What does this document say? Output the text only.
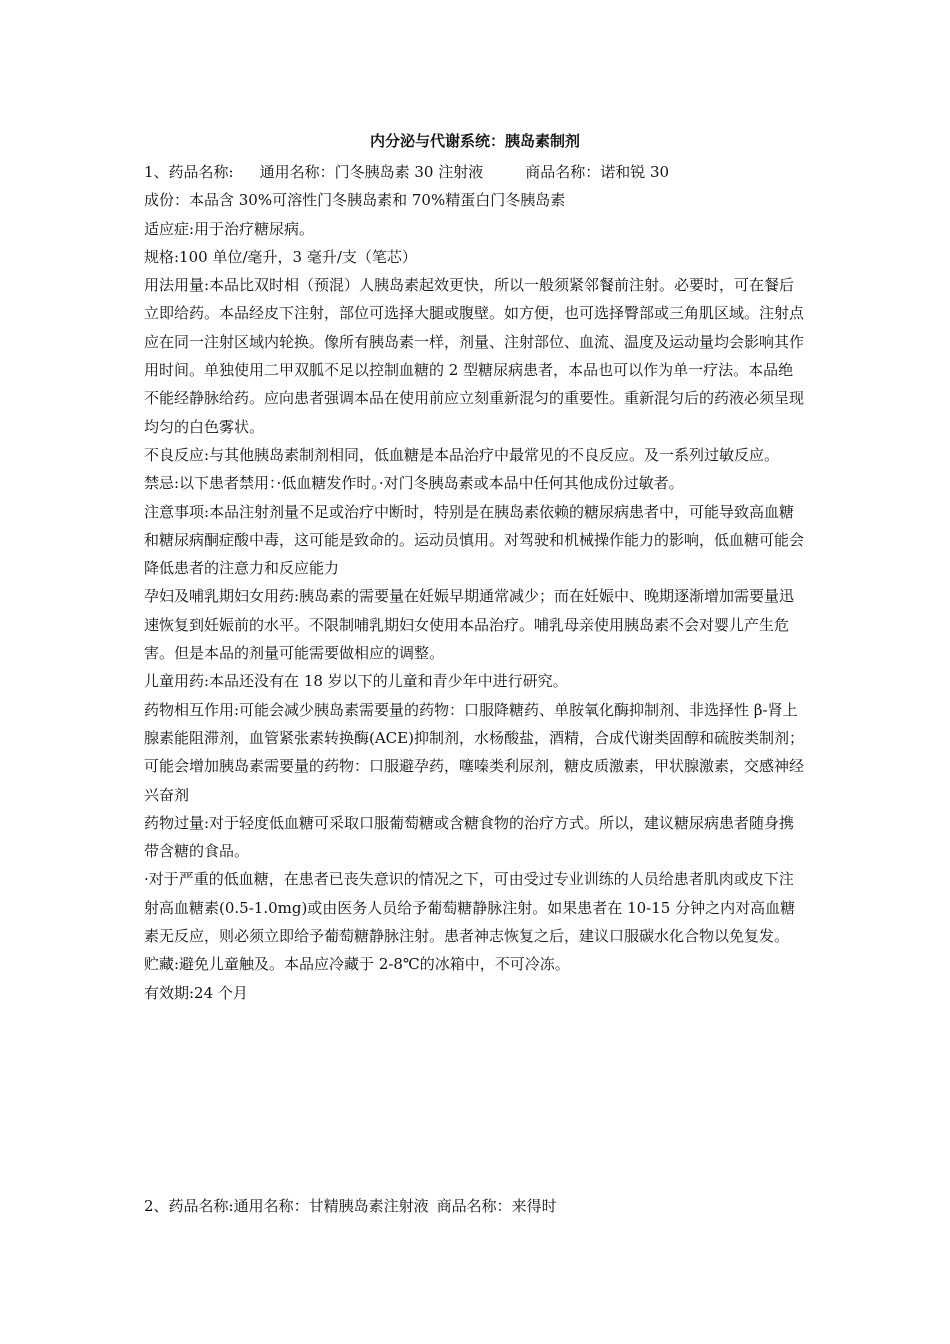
内分泌与代谢系统：胰岛素制剂

1、药品名称: 通用名称：门冬胰岛素 30 注射液	商品名称：诺和锐 30

成份：本品含 30%可溶性门冬胰岛素和 70%精蛋白门冬胰岛素

适应症:用于治疗糖尿病。

规格:100 单位/毫升，3 毫升/支（笔芯）

用法用量:本品比双时相（预混）人胰岛素起效更快，所以一般须紧邻餐前注射。必要时，可在餐后立即给药。本品经皮下注射，部位可选择大腿或腹壁。如方便，也可选择臀部或三角肌区域。注射点应在同一注射区域内轮换。像所有胰岛素一样，剂量、注射部位、血流、温度及运动量均会影响其作用时间。单独使用二甲双胍不足以控制血糖的 2 型糖尿病患者，本品也可以作为单一疗法。本品绝不能经静脉给药。应向患者强调本品在使用前应立刻重新混匀的重要性。重新混匀后的药液必须呈现均匀的白色雾状。

不良反应:与其他胰岛素制剂相同，低血糖是本品治疗中最常见的不良反应。及一系列过敏反应。

禁忌:以下患者禁用：·低血糖发作时。·对门冬胰岛素或本品中任何其他成份过敏者。

注意事项:本品注射剂量不足或治疗中断时，特别是在胰岛素依赖的糖尿病患者中，可能导致高血糖和糖尿病酮症酸中毒，这可能是致命的。运动员慎用。对驾驶和机械操作能力的影响，低血糖可能会降低患者的注意力和反应能力

孕妇及哺乳期妇女用药:胰岛素的需要量在妊娠早期通常减少；而在妊娠中、晚期逐渐增加需要量迅速恢复到妊娠前的水平。不限制哺乳期妇女使用本品治疗。哺乳母亲使用胰岛素不会对婴儿产生危害。但是本品的剂量可能需要做相应的调整。

儿童用药:本品还没有在 18 岁以下的儿童和青少年中进行研究。

药物相互作用:可能会减少胰岛素需要量的药物：口服降糖药、单胺氧化酶抑制剂、非选择性 β-肾上腺素能阻滞剂，血管紧张素转换酶(ACE)抑制剂，水杨酸盐，酒精，合成代谢类固醇和硫胺类制剂；可能会增加胰岛素需要量的药物：口服避孕药，噻嗪类利尿剂，糖皮质激素，甲状腺激素，交感神经兴奋剂

药物过量:对于轻度低血糖可采取口服葡萄糖或含糖食物的治疗方式。所以，建议糖尿病患者随身携带含糖的食品。

·对于严重的低血糖，在患者已丧失意识的情况之下，可由受过专业训练的人员给患者肌肉或皮下注射高血糖素(0.5-1.0mg)或由医务人员给予葡萄糖静脉注射。如果患者在 10-15 分钟之内对高血糖素无反应，则必须立即给予葡萄糖静脉注射。患者神志恢复之后，建议口服碳水化合物以免复发。

贮藏:避免儿童触及。本品应冷藏于 2-8℃的冰箱中，不可冷冻。

有效期:24 个月

2、药品名称:通用名称：甘精胰岛素注射液 商品名称：来得时
